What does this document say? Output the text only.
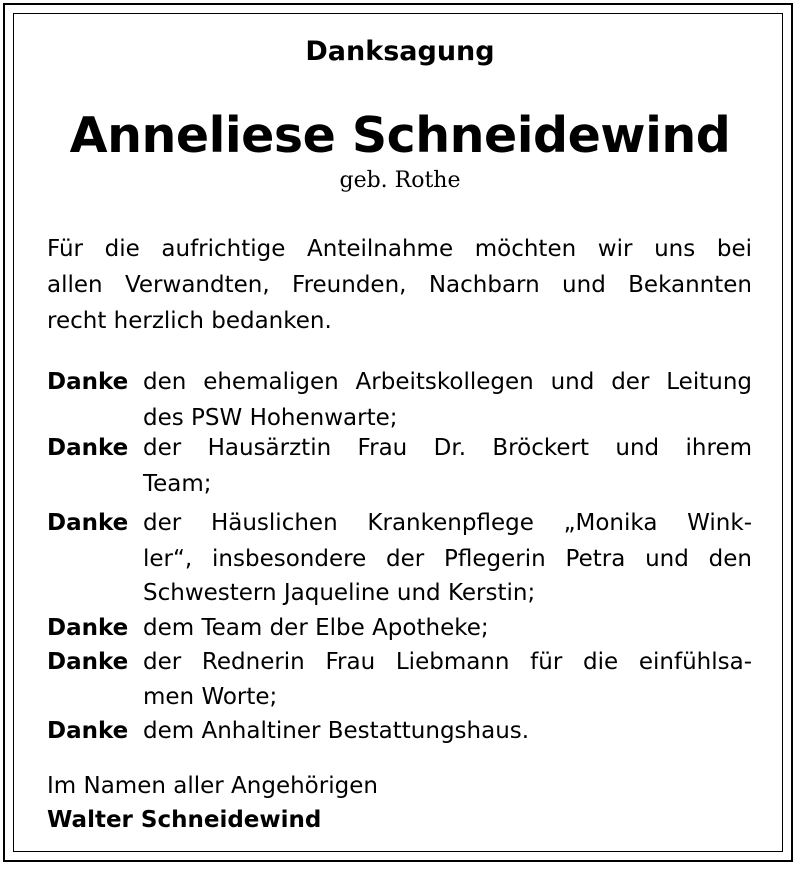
Danksagung
Anneliese Schneidewind
geb. Rothe
Für die aufrichtige Anteilnahme möchten wir uns bei
allen Verwandten, Freunden, Nachbarn und Bekannten
recht herzlich bedanken.
Danke den ehemaligen Arbeitskollegen und der Leitung
des PSW Hohenwarte;
Danke der Hausärztin Frau Dr. Bröckert und ihrem
Team;
Danke der Häuslichen Krankenpflege „Monika Wink-
ler“, insbesondere der Pflegerin Petra und den
Schwestern Jaqueline und Kerstin;
Danke dem Team der Elbe Apotheke;
Danke der Rednerin Frau Liebmann für die einfühlsa-
men Worte;
Danke dem Anhaltiner Bestattungshaus.
Im Namen aller Angehörigen
Walter Schneidewind
